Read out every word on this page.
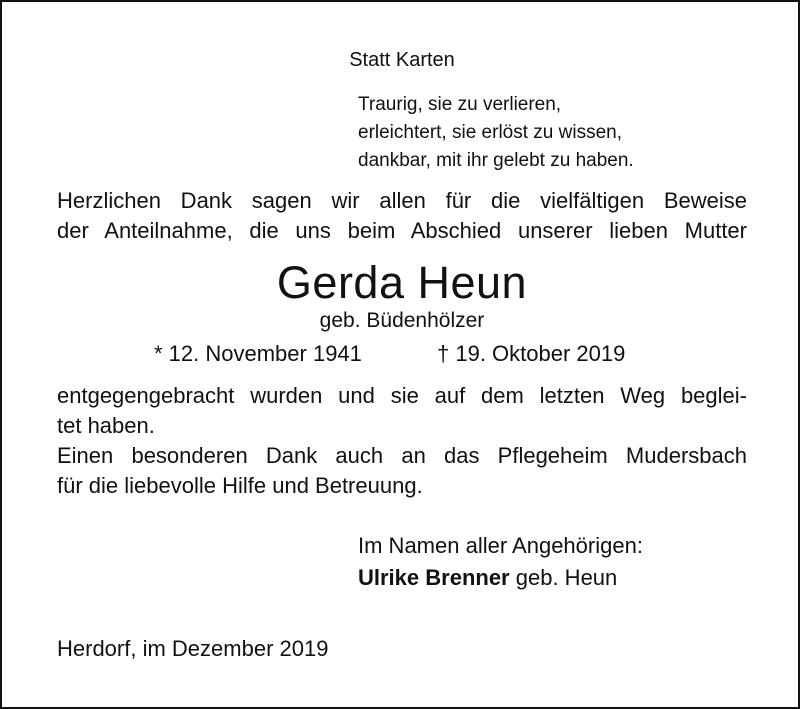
Statt Karten

Traurig, sie zu verlieren,

erleichtert, sie erlöst zu wissen,

dankbar, mit ihr gelebt zu haben.

Herzlichen Dank sagen wir allen für die vielfältigen Beweise

der Anteilnahme, die uns beim Abschied unserer lieben Mutter

Gerda Heun

geb. Büdenhölzer

* 12. November 1941	† 19. Oktober 2019

entgegengebracht wurden und sie auf dem letzten Weg beglei-

tet haben.

Einen besonderen Dank auch an das Pflegeheim Mudersbach

für die liebevolle Hilfe und Betreuung.

Im Namen aller Angehörigen:

Ulrike Brenner geb. Heun

Herdorf, im Dezember 2019
